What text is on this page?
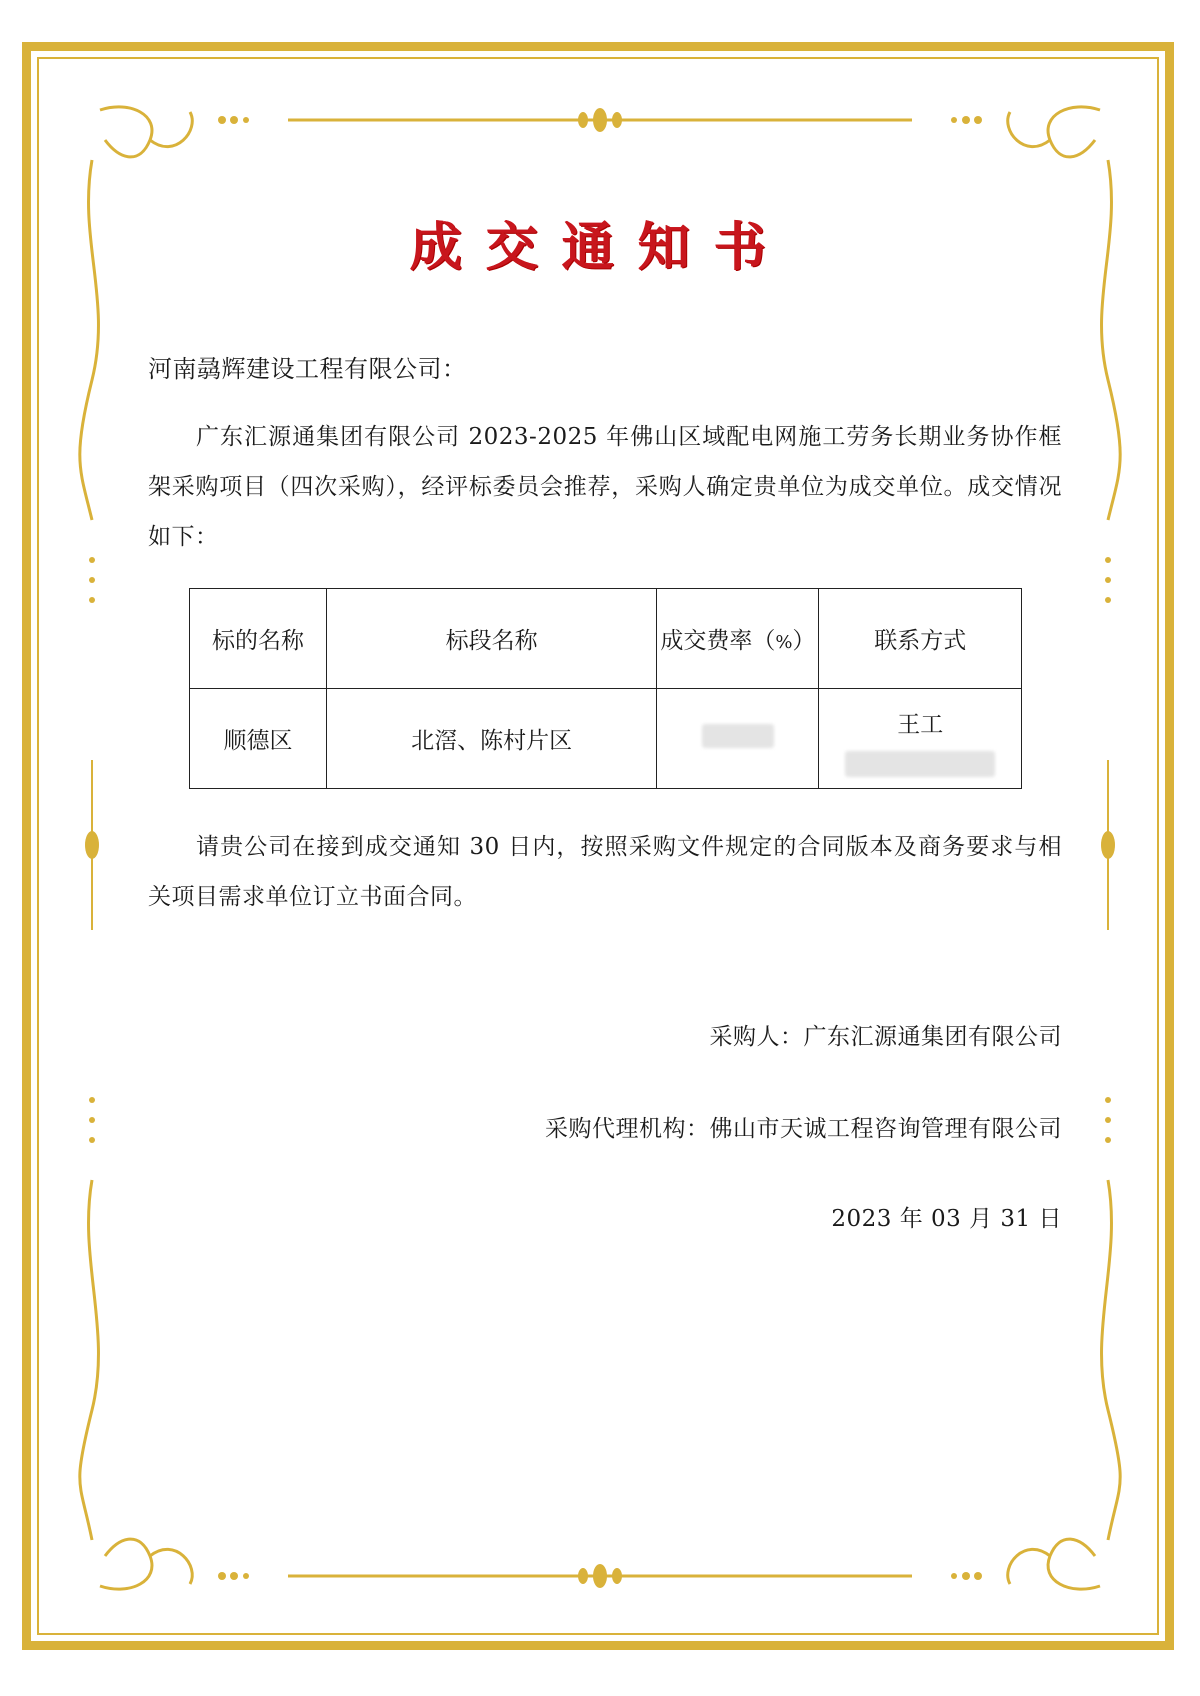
成交通知书
河南骉辉建设工程有限公司：
广东汇源通集团有限公司 2023-2025 年佛山区域配电网施工劳务长期业务协作框架采购项目（四次采购），经评标委员会推荐，采购人确定贵单位为成交单位。成交情况如下：
标的名称	标段名称	成交费率（%）	联系方式
顺德区	北滘、陈村片区		王工
请贵公司在接到成交通知 30 日内，按照采购文件规定的合同版本及商务要求与相关项目需求单位订立书面合同。
采购人：广东汇源通集团有限公司
采购代理机构：佛山市天诚工程咨询管理有限公司
2023 年 03 月 31 日
